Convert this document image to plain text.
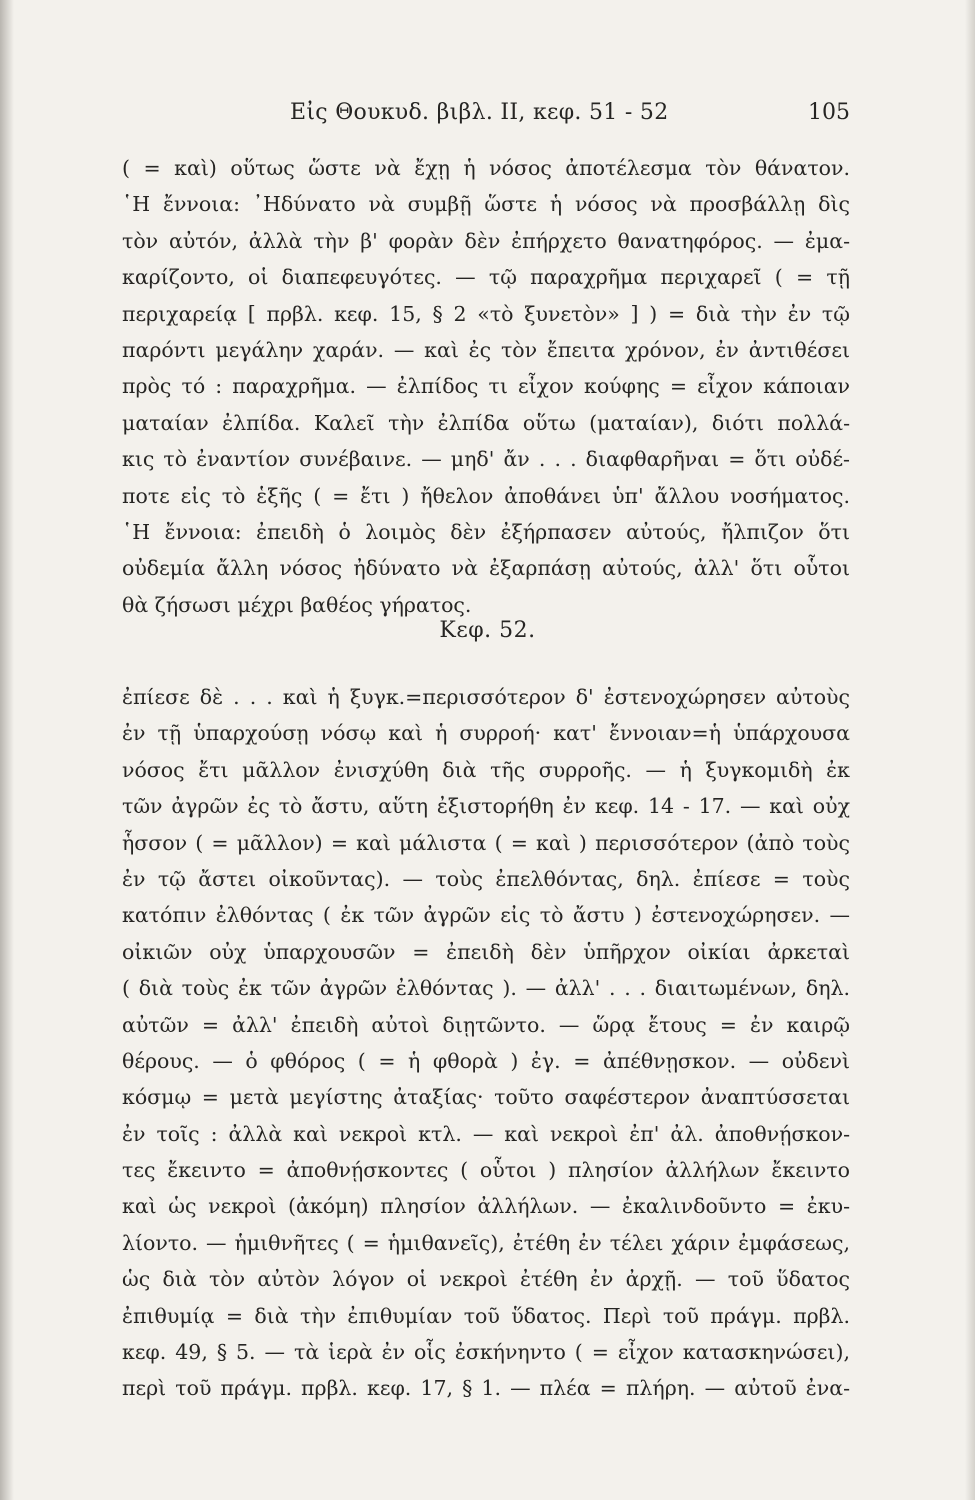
Εἰς Θουκυδ. βιβλ. II, κεφ. 51 - 52	105
( = καὶ) οὕτως ὥστε νὰ ἔχῃ ἡ νόσος ἀποτέλεσμα τὸν θάνατον.
῾Η ἔννοια: ᾿Ηδύνατο νὰ συμβῇ ὥστε ἡ νόσος νὰ προσβάλλῃ δὶς
τὸν αὐτόν, ἀλλὰ τὴν β' φορὰν δὲν ἐπήρχετο θανατηφόρος. — ἐμα-
καρίζοντο, οἱ διαπεφευγότες. — τῷ παραχρῆμα περιχαρεῖ ( = τῇ
περιχαρείᾳ [ πρβλ. κεφ. 15, § 2 «τὸ ξυνετὸν» ] ) = διὰ τὴν ἐν τῷ
παρόντι μεγάλην χαράν. — καὶ ἐς τὸν ἔπειτα χρόνον, ἐν ἀντιθέσει
πρὸς τό : παραχρῆμα. — ἐλπίδος τι εἶχον κούφης = εἶχον κάποιαν
ματαίαν ἐλπίδα. Καλεῖ τὴν ἐλπίδα οὕτω (ματαίαν), διότι πολλά-
κις τὸ ἐναντίον συνέβαινε. — μηδ' ἄν . . . διαφθαρῆναι = ὅτι οὐδέ-
ποτε εἰς τὸ ἑξῆς ( = ἔτι ) ἤθελον ἀποθάνει ὑπ' ἄλλου νοσήματος.
῾Η ἔννοια: ἐπειδὴ ὁ λοιμὸς δὲν ἐξήρπασεν αὐτούς, ἤλπιζον ὅτι
οὐδεμία ἄλλη νόσος ἠδύνατο νὰ ἐξαρπάσῃ αὐτούς, ἀλλ' ὅτι οὗτοι
θὰ ζήσωσι μέχρι βαθέος γήρατος.
Κεφ. 52.
ἐπίεσε δὲ . . . καὶ ἡ ξυγκ.=περισσότερον δ' ἐστενοχώρησεν αὐτοὺς
ἐν τῇ ὑπαρχούσῃ νόσῳ καὶ ἡ συρροή· κατ' ἔννοιαν=ἡ ὑπάρχουσα
νόσος ἔτι μᾶλλον ἐνισχύθη διὰ τῆς συρροῆς. — ἡ ξυγκομιδὴ ἐκ
τῶν ἀγρῶν ἐς τὸ ἄστυ, αὕτη ἐξιστορήθη ἐν κεφ. 14 - 17. — καὶ οὐχ
ἧσσον ( = μᾶλλον) = καὶ μάλιστα ( = καὶ ) περισσότερον (ἀπὸ τοὺς
ἐν τῷ ἄστει οἰκοῦντας). — τοὺς ἐπελθόντας, δηλ. ἐπίεσε = τοὺς
κατόπιν ἐλθόντας ( ἐκ τῶν ἀγρῶν εἰς τὸ ἄστυ ) ἐστενοχώρησεν. —
οἰκιῶν οὐχ ὑπαρχουσῶν = ἐπειδὴ δὲν ὑπῆρχον οἰκίαι ἀρκεταὶ
( διὰ τοὺς ἐκ τῶν ἀγρῶν ἐλθόντας ). — ἀλλ' . . . διαιτωμένων, δηλ.
αὐτῶν = ἀλλ' ἐπειδὴ αὐτοὶ διῃτῶντο. — ὥρᾳ ἔτους = ἐν καιρῷ
θέρους. — ὁ φθόρος ( = ἡ φθορὰ ) ἐγ. = ἀπέθνῃσκον. — οὐδενὶ
κόσμῳ = μετὰ μεγίστης ἀταξίας· τοῦτο σαφέστερον ἀναπτύσσεται
ἐν τοῖς : ἀλλὰ καὶ νεκροὶ κτλ. — καὶ νεκροὶ ἐπ' ἀλ. ἀποθνῄσκον-
τες ἔκειντο = ἀποθνῄσκοντες ( οὗτοι ) πλησίον ἀλλήλων ἔκειντο
καὶ ὡς νεκροὶ (ἀκόμη) πλησίον ἀλλήλων. — ἐκαλινδοῦντο = ἐκυ-
λίοντο. — ἡμιθνῆτες ( = ἡμιθανεῖς), ἐτέθη ἐν τέλει χάριν ἐμφάσεως,
ὡς διὰ τὸν αὐτὸν λόγον οἱ νεκροὶ ἐτέθη ἐν ἀρχῇ. — τοῦ ὕδατος
ἐπιθυμίᾳ = διὰ τὴν ἐπιθυμίαν τοῦ ὕδατος. Περὶ τοῦ πράγμ. πρβλ.
κεφ. 49, § 5. — τὰ ἱερὰ ἐν οἷς ἐσκήνηντο ( = εἶχον κατασκηνώσει),
περὶ τοῦ πράγμ. πρβλ. κεφ. 17, § 1. — πλέα = πλήρη. — αὐτοῦ ἐνα-
